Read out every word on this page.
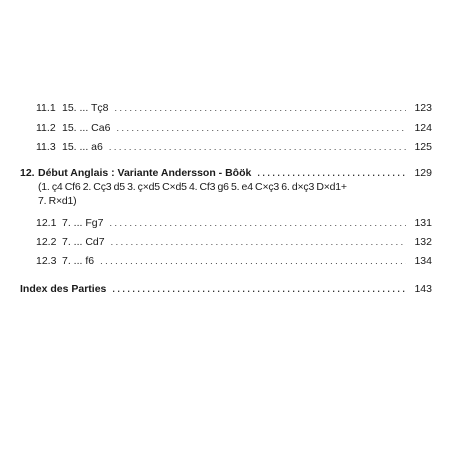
11.1 15. ... Tç8 . . .	123
11.2 15. ... Ca6 . . .	124
11.3 15. ... a6 . . .	125
12. Début Anglais : Variante Andersson - Bôök . . .	129
(1. ç4 Cf6 2. Cç3 d5 3. ç×d5 C×d5 4. Cf3 g6 5. e4 C×ç3 6. d×ç3 D×d1+
7. R×d1)
12.1 7. ... Fg7 . . .	131
12.2 7. ... Cd7 . . .	132
12.3 7. ... f6 . . .	134
Index des Parties . . .	143
